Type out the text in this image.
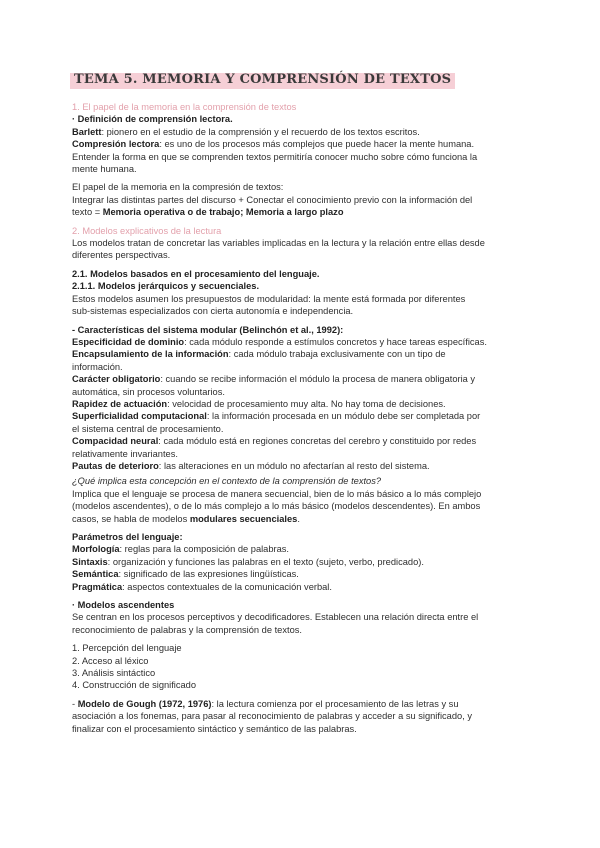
TEMA 5. MEMORIA Y COMPRENSIÓN DE TEXTOS

1. El papel de la memoria en la comprensión de textos

· Definición de comprensión lectora.

Barlett: pionero en el estudio de la comprensión y el recuerdo de los textos escritos.

Compresión lectora: es uno de los procesos más complejos que puede hacer la mente humana.

Entender la forma en que se comprenden textos permitiría conocer mucho sobre cómo funciona la

mente humana.

El papel de la memoria en la compresión de textos:

Integrar las distintas partes del discurso + Conectar el conocimiento previo con la información del

texto = Memoria operativa o de trabajo; Memoria a largo plazo

2. Modelos explicativos de la lectura

Los modelos tratan de concretar las variables implicadas en la lectura y la relación entre ellas desde

diferentes perspectivas.

2.1. Modelos basados en el procesamiento del lenguaje.

2.1.1. Modelos jerárquicos y secuenciales.

Estos modelos asumen los presupuestos de modularidad: la mente está formada por diferentes

sub-sistemas especializados con cierta autonomía e independencia.

- Características del sistema modular (Belinchón et al., 1992):

Especificidad de dominio: cada módulo responde a estímulos concretos y hace tareas específicas.

Encapsulamiento de la información: cada módulo trabaja exclusivamente con un tipo de

información.

Carácter obligatorio: cuando se recibe información el módulo la procesa de manera obligatoria y

automática, sin procesos voluntarios.

Rapidez de actuación: velocidad de procesamiento muy alta. No hay toma de decisiones.

Superficialidad computacional: la información procesada en un módulo debe ser completada por

el sistema central de procesamiento.

Compacidad neural: cada módulo está en regiones concretas del cerebro y constituido por redes

relativamente invariantes.

Pautas de deterioro: las alteraciones en un módulo no afectarían al resto del sistema.

¿Qué implica esta concepción en el contexto de la comprensión de textos?

Implica que el lenguaje se procesa de manera secuencial, bien de lo más básico a lo más complejo

(modelos ascendentes), o de lo más complejo a lo más básico (modelos descendentes). En ambos

casos, se habla de modelos modulares secuenciales.

Parámetros del lenguaje:

Morfología: reglas para la composición de palabras.

Sintaxis: organización y funciones las palabras en el texto (sujeto, verbo, predicado).

Semántica: significado de las expresiones lingüísticas.

Pragmática: aspectos contextuales de la comunicación verbal.

· Modelos ascendentes

Se centran en los procesos perceptivos y decodificadores. Establecen una relación directa entre el

reconocimiento de palabras y la comprensión de textos.

1. Percepción del lenguaje

2. Acceso al léxico

3. Análisis sintáctico

4. Construcción de significado

- Modelo de Gough (1972, 1976): la lectura comienza por el procesamiento de las letras y su

asociación a los fonemas, para pasar al reconocimiento de palabras y acceder a su significado, y

finalizar con el procesamiento sintáctico y semántico de las palabras.
